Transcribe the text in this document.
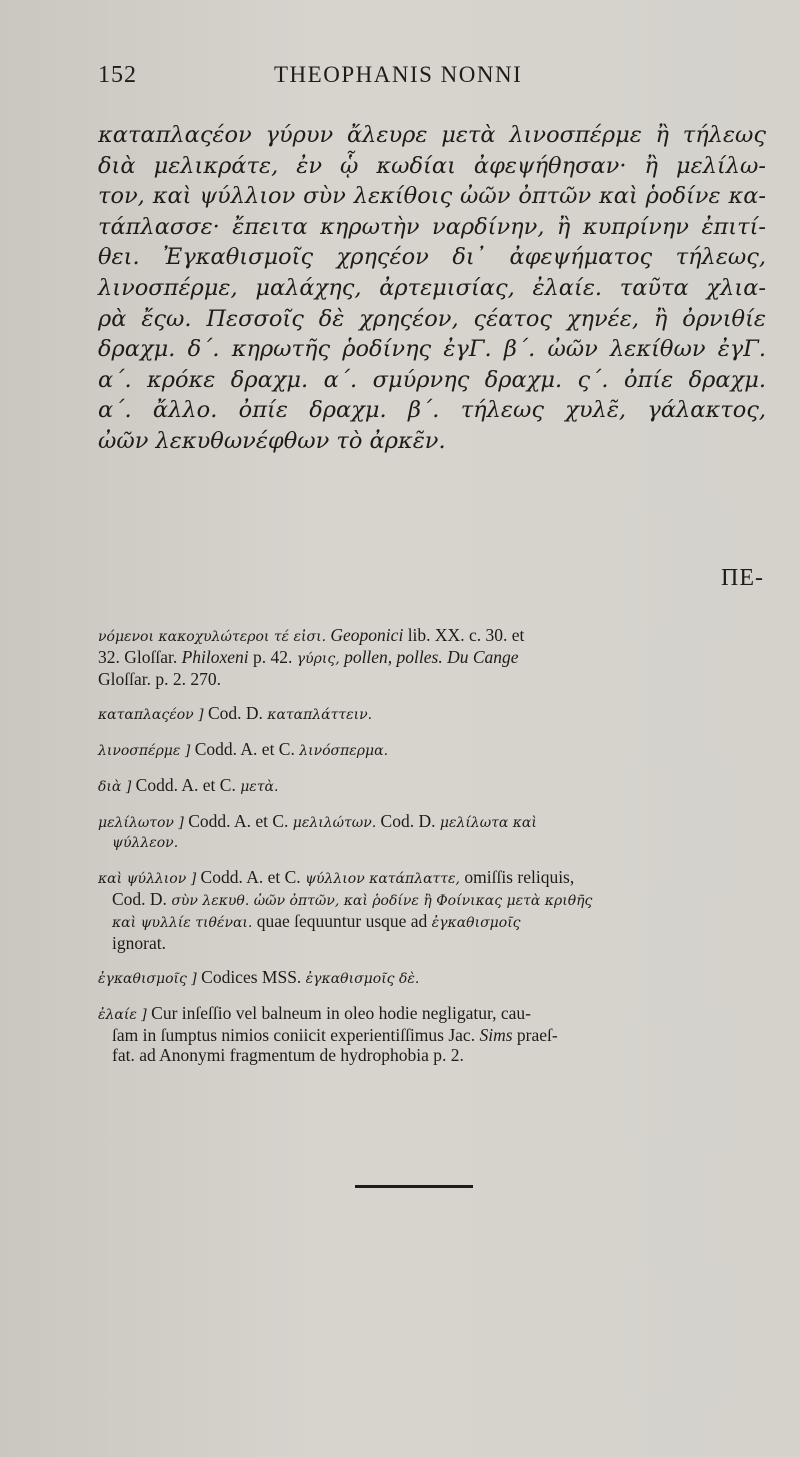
152	THEOPHANIS NONNI
καταπλαςέον γύρυν ἄλευρε μετὰ λινοσπέρμε ἢ τήλεως
διὰ μελικράτε, ἐν ᾧ κωδίαι ἀφεψήθησαν· ἢ μελίλω-
τον, καὶ ψύλλιον σὺν λεκίθοις ὠῶν ὀπτῶν καὶ ῥοδίνε κα-
τάπλασσε· ἔπειτα κηρωτὴν ναρδίνην, ἢ κυπρίνην ἐπιτί-
θει. Ἐγκαθισμοῖς χρηςέον δι᾽ ἀφεψήματος τήλεως,
λινοσπέρμε, μαλάχης, ἀρτεμισίας, ἐλαίε. ταῦτα χλια-
ρὰ ἔςω. Πεσσοῖς δὲ χρηςέον, ςέατος χηνέε, ἢ ὀρνιθίε
δραχμ. δ΄. κηρωτῆς ῥοδίνης ἐγΓ. β΄. ὠῶν λεκίθων ἐγΓ.
α΄. κρόκε δραχμ. α΄. σμύρνης δραχμ. ς΄. ὀπίε δραχμ.
α΄. ἄλλο. ὀπίε δραχμ. β΄. τήλεως χυλε̃, γάλακτος,
ὠῶν λεκυθωνέφθων τὸ ἀρκε̃ν.
ΠΕ-
νόμενοι κακοχυλώτεροι τέ εἰσι. Geoponici lib. XX. c. 30. et
32. Gloſſar. Philoxeni p. 42. γύρις, pollen, polles. Du Cange
Gloſſar. p. 2. 270.
καταπλαςέον ] Cod. D. καταπλάττειν.
λινοσπέρμε ] Codd. A. et C. λινόσπερμα.
διὰ ] Codd. A. et C. μετὰ.
μελίλωτον ] Codd. A. et C. μελιλώτων. Cod. D. μελίλωτα καὶ
ψύλλεον.
καὶ ψύλλιον ] Codd. A. et C. ψύλλιον κατάπλαττε, omiſſis reliquis,
Cod. D. σὺν λεκυθ. ὠῶν ὀπτῶν, καὶ ῥοδίνε ἢ Φοίνικας μετὰ κριθῆς
καὶ ψυλλίε τιθέναι. quae ſequuntur usque ad ἐγκαθισμοῖς
ignorat.
ἐγκαθισμοῖς ] Codices MSS. ἐγκαθισμοῖς δὲ.
ἐλαίε ] Cur inſeſſio vel balneum in oleo hodie negligatur, cau-
ſam in ſumptus nimios coniicit experientiſſimus Jac. Sims praeſ-
fat. ad Anonymi fragmentum de hydrophobia p. 2.
